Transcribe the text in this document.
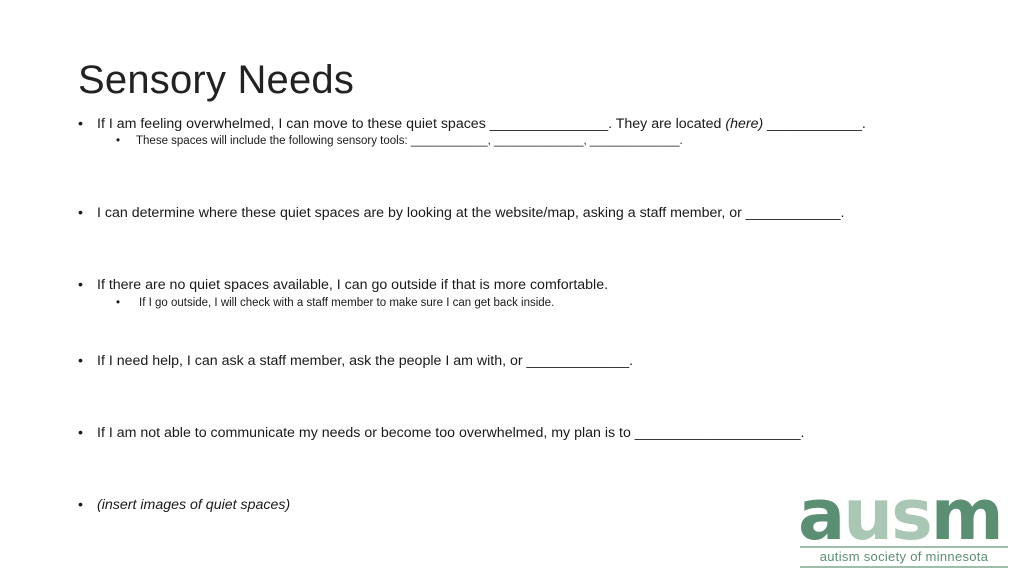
Sensory Needs
• If I am feeling overwhelmed, I can move to these quiet spaces _______________. They are located (here) ____________.
• These spaces will include the following sensory tools: ____________, ______________, ______________.
• I can determine where these quiet spaces are by looking at the website/map, asking a staff member, or ____________.
• If there are no quiet spaces available, I can go outside if that is more comfortable.
• If I go outside, I will check with a staff member to make sure I can get back inside.
• If I need help, I can ask a staff member, ask the people I am with, or _____________.
• If I am not able to communicate my needs or become too overwhelmed, my plan is to _____________________.
• (insert images of quiet spaces)	ausm
autism society of minnesota
